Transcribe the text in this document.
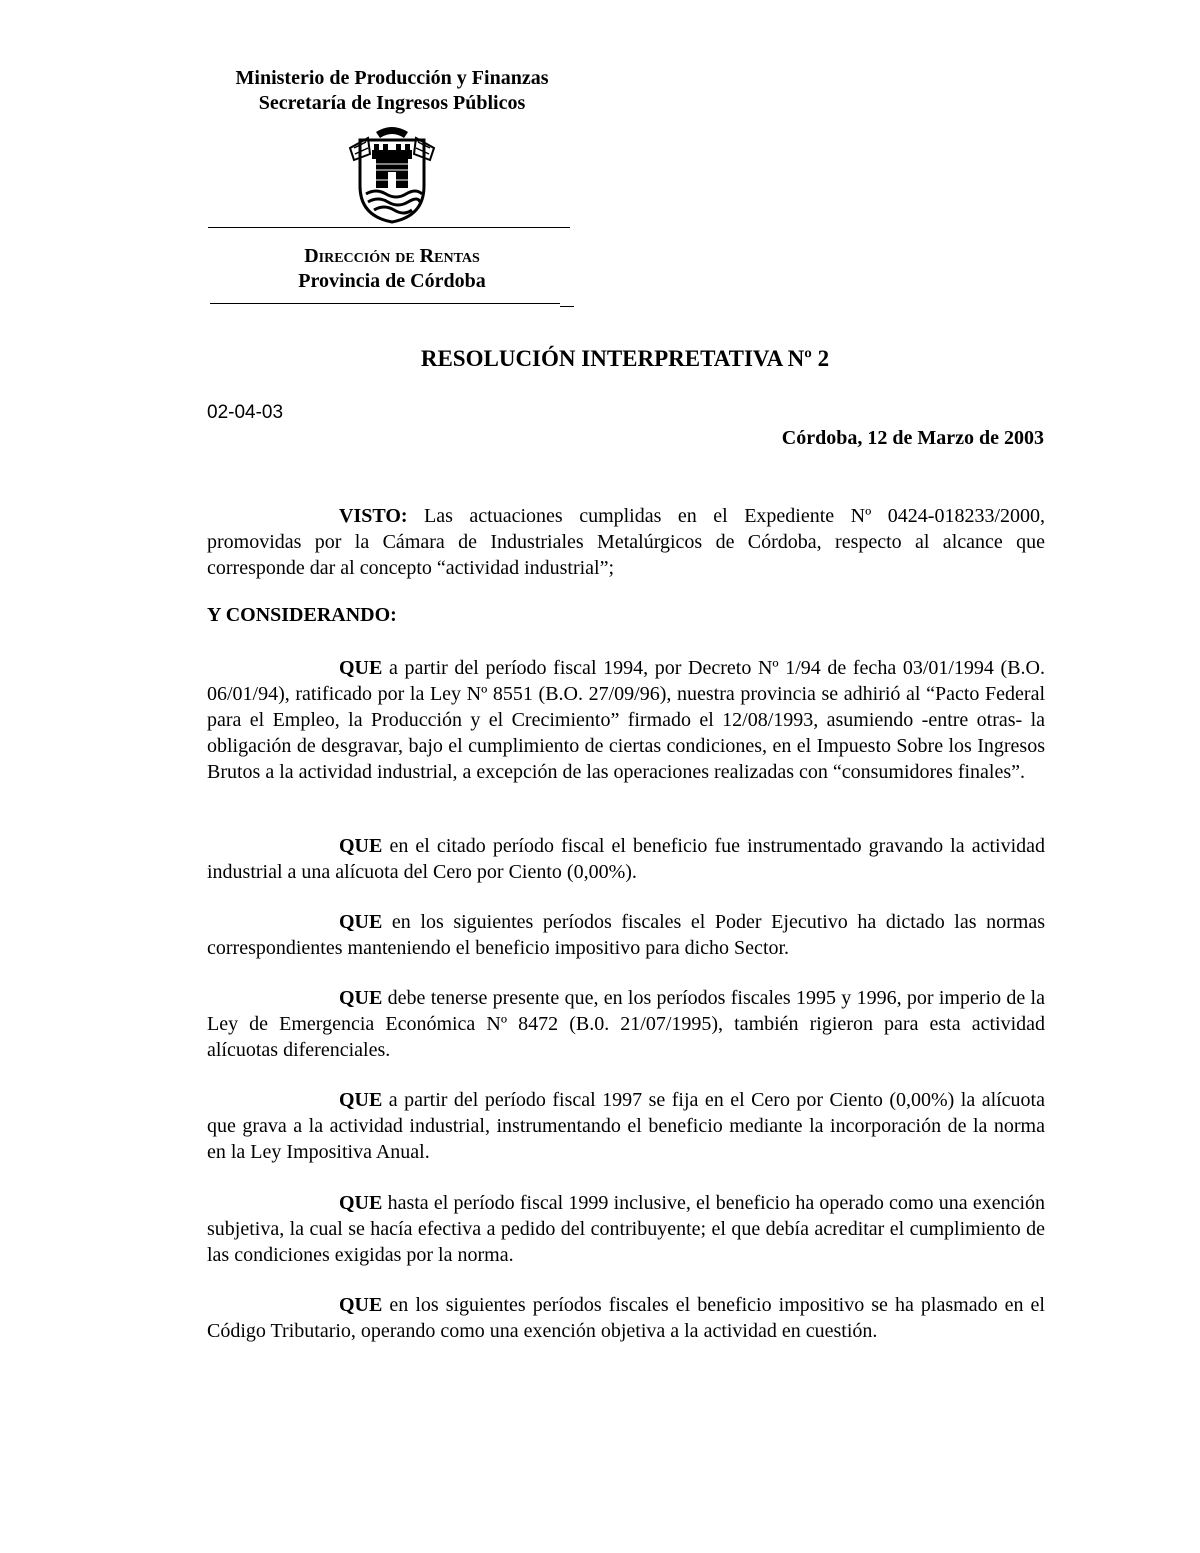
Ministerio de Producción y Finanzas
Secretaría de Ingresos Públicos
Dirección de Rentas
Provincia de Córdoba
RESOLUCIÓN INTERPRETATIVA Nº 2
02-04-03
Córdoba, 12 de Marzo de 2003

VISTO: Las actuaciones cumplidas en el Expediente Nº 0424-018233/2000, promovidas por la Cámara de Industriales Metalúrgicos de Córdoba, respecto al alcance que corresponde dar al concepto “actividad industrial”;

Y CONSIDERANDO:

QUE a partir del período fiscal 1994, por Decreto Nº 1/94 de fecha 03/01/1994 (B.O. 06/01/94), ratificado por la Ley Nº 8551 (B.O. 27/09/96), nuestra provincia se adhirió al “Pacto Federal para el Empleo, la Producción y el Crecimiento” firmado el 12/08/1993, asumiendo -entre otras- la obligación de desgravar, bajo el cumplimiento de ciertas condiciones, en el Impuesto Sobre los Ingresos Brutos a la actividad industrial, a excepción de las operaciones realizadas con “consumidores finales”.

QUE en el citado período fiscal el beneficio fue instrumentado gravando la actividad industrial a una alícuota del Cero por Ciento (0,00%).

QUE en los siguientes períodos fiscales el Poder Ejecutivo ha dictado las normas correspondientes manteniendo el beneficio impositivo para dicho Sector.

QUE debe tenerse presente que, en los períodos fiscales 1995 y 1996, por imperio de la Ley de Emergencia Económica Nº 8472 (B.0. 21/07/1995), también rigieron para esta actividad alícuotas diferenciales.

QUE a partir del período fiscal 1997 se fija en el Cero por Ciento (0,00%) la alícuota que grava a la actividad industrial, instrumentando el beneficio mediante la incorporación de la norma en la Ley Impositiva Anual.

QUE hasta el período fiscal 1999 inclusive, el beneficio ha operado como una exención subjetiva, la cual se hacía efectiva a pedido del contribuyente; el que debía acreditar el cumplimiento de las condiciones exigidas por la norma.

QUE en los siguientes períodos fiscales el beneficio impositivo se ha plasmado en el Código Tributario, operando como una exención objetiva a la actividad en cuestión.
